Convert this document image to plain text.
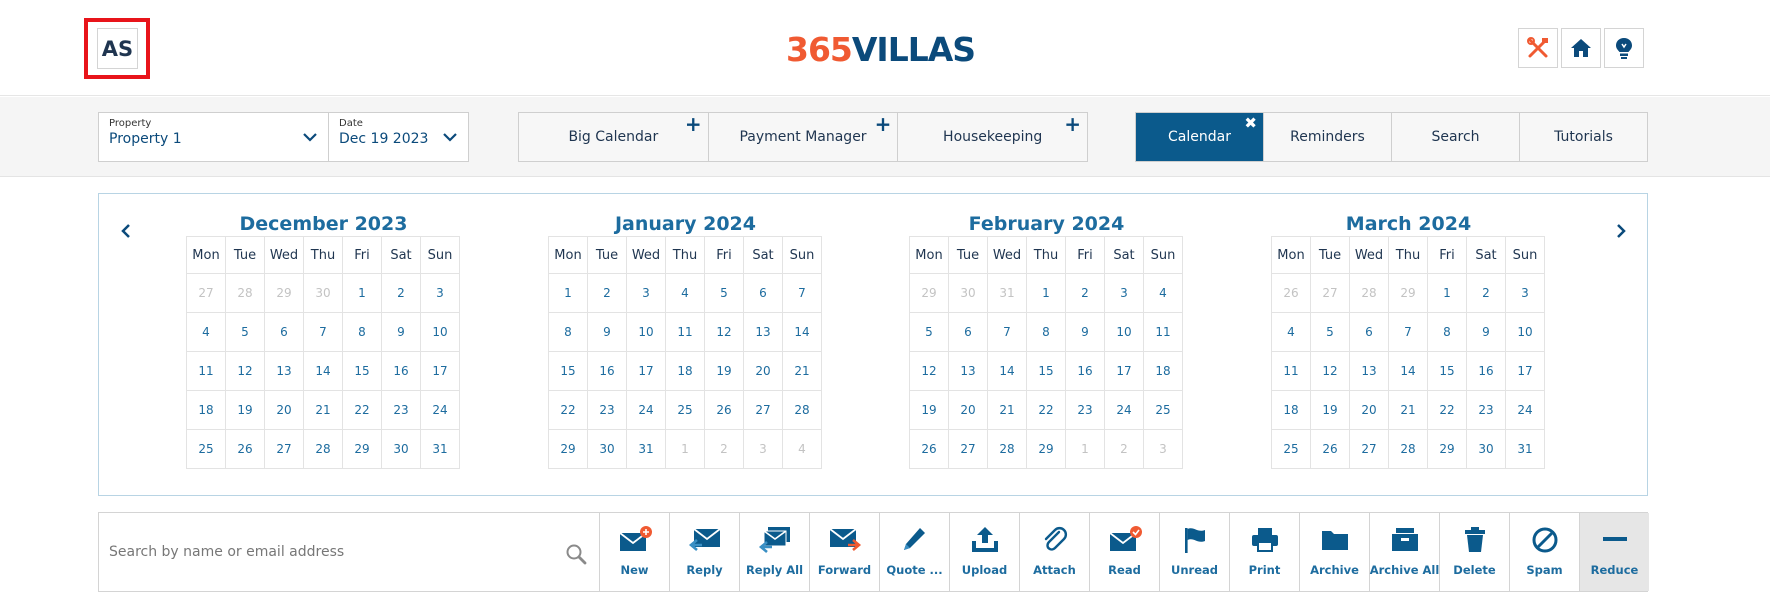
AS	365 VILLAS
Property
Property 1
Date
Dec 19 2023	Big Calendar
+
Payment Manager
+
Housekeeping
+
Calendar
✖
Reminders	Search	Tutorials
December 2023
Mon	Tue	Wed Thu	Fri	Sat	Sun
27	28	29	30	1	2	3
4	5	6	7	8	9	10
11	12	13	14	15	16	17
18	19	20	21	22	23	24
25	26	27	28	29	30	31
January 2024
Mon	Tue	Wed Thu	Fri	Sat	Sun
1	2	3	4	5	6	7
8	9	10	11	12	13	14
15	16	17	18	19	20	21
22	23	24	25	26	27	28
29	30	31	1	2	3	4
February 2024
Mon	Tue	Wed Thu	Fri	Sat	Sun
29	30	31	1	2	3	4
5	6	7	8	9	10	11
12	13	14	15	16	17	18
19	20	21	22	23	24	25
26	27	28	29	1	2	3
March 2024
Mon	Tue	Wed Thu	Fri	Sat	Sun
26	27	28	29	1	2	3
4	5	6	7	8	9	10
11	12	13	14	15	16	17
18	19	20	21	22	23	24
25	26	27	28	29	30	31
Search by name or email address
New	Reply Reply All Forward Quote ... Upload Attach	Read	Unread	Print	Archive Archive All Delete	Spam Reduce
